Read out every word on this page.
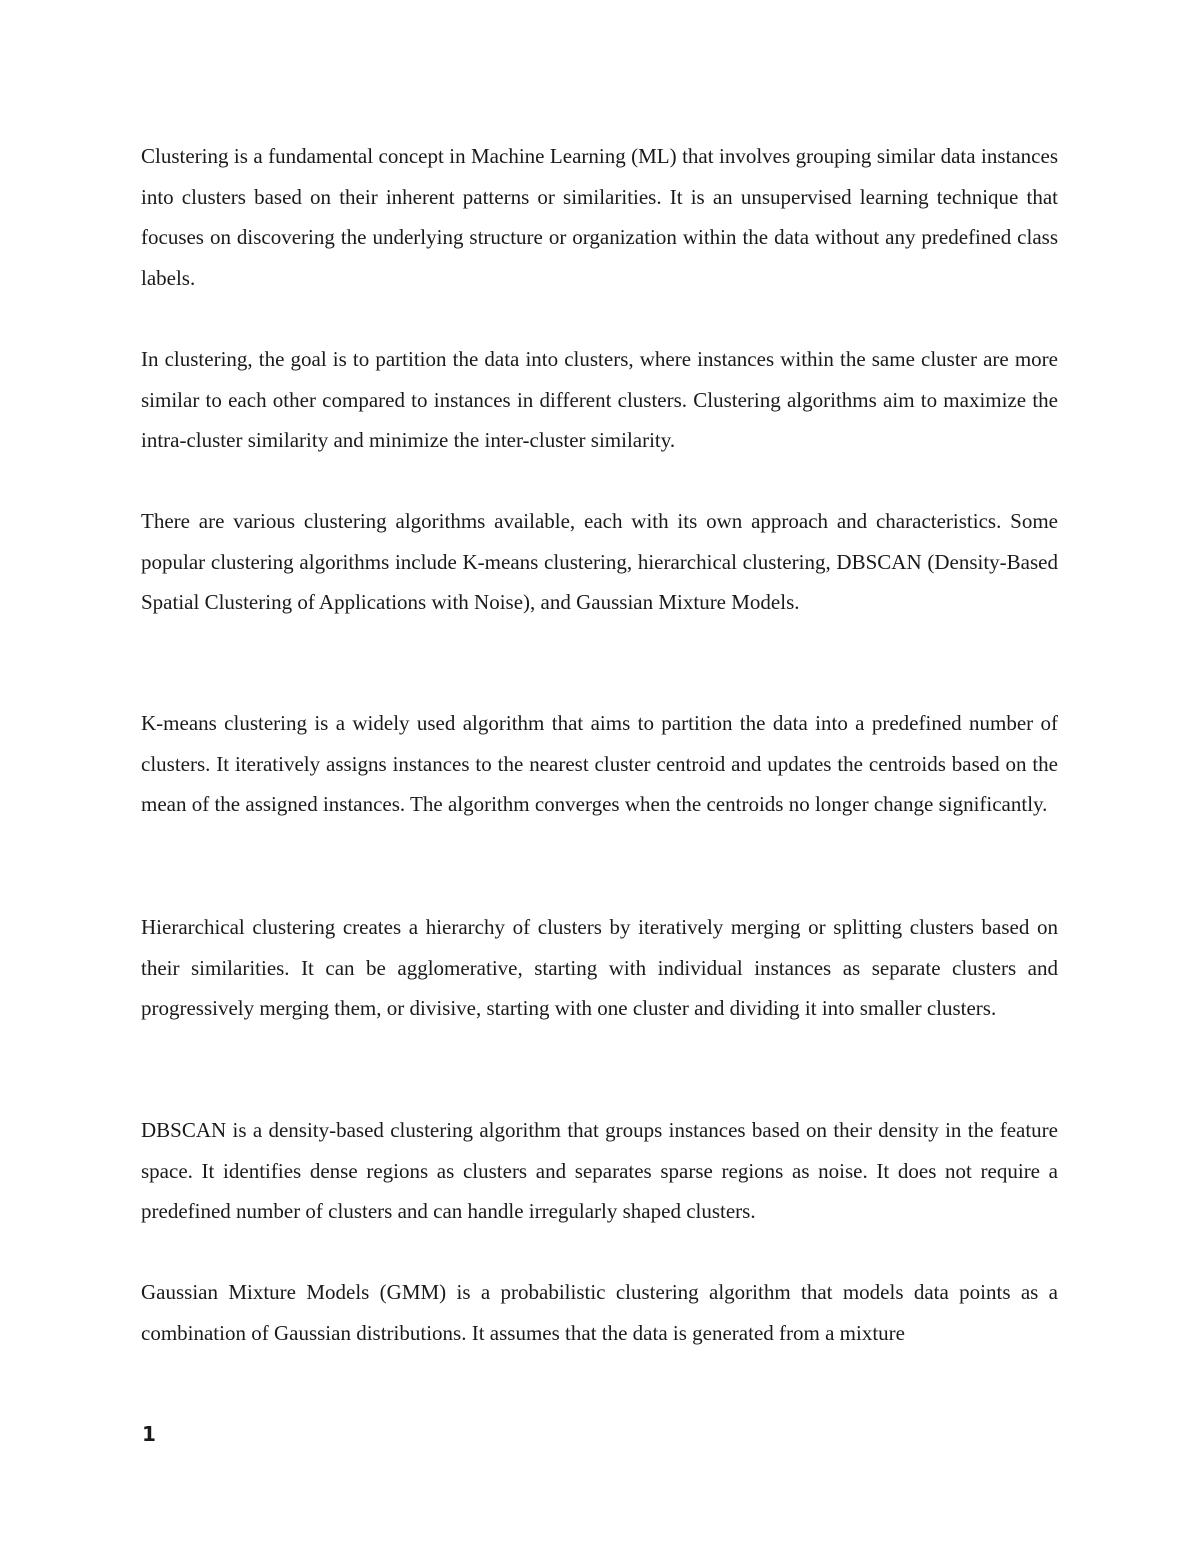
Clustering is a fundamental concept in Machine Learning (ML) that involves grouping similar data instances into clusters based on their inherent patterns or similarities. It is an unsupervised learning technique that focuses on discovering the underlying structure or organization within the data without any predefined class labels.

In clustering, the goal is to partition the data into clusters, where instances within the same cluster are more similar to each other compared to instances in different clusters. Clustering algorithms aim to maximize the intra-cluster similarity and minimize the inter-cluster similarity.

There are various clustering algorithms available, each with its own approach and characteristics. Some popular clustering algorithms include K-means clustering, hierarchical clustering, DBSCAN (Density-Based Spatial Clustering of Applications with Noise), and Gaussian Mixture Models.

K-means clustering is a widely used algorithm that aims to partition the data into a predefined number of clusters. It iteratively assigns instances to the nearest cluster centroid and updates the centroids based on the mean of the assigned instances. The algorithm converges when the centroids no longer change significantly.

Hierarchical clustering creates a hierarchy of clusters by iteratively merging or splitting clusters based on their similarities. It can be agglomerative, starting with individual instances as separate clusters and progressively merging them, or divisive, starting with one cluster and dividing it into smaller clusters.

DBSCAN is a density-based clustering algorithm that groups instances based on their density in the feature space. It identifies dense regions as clusters and separates sparse regions as noise. It does not require a predefined number of clusters and can handle irregularly shaped clusters.

Gaussian Mixture Models (GMM) is a probabilistic clustering algorithm that models data points as a combination of Gaussian distributions. It assumes that the data is generated from a mixture

1
